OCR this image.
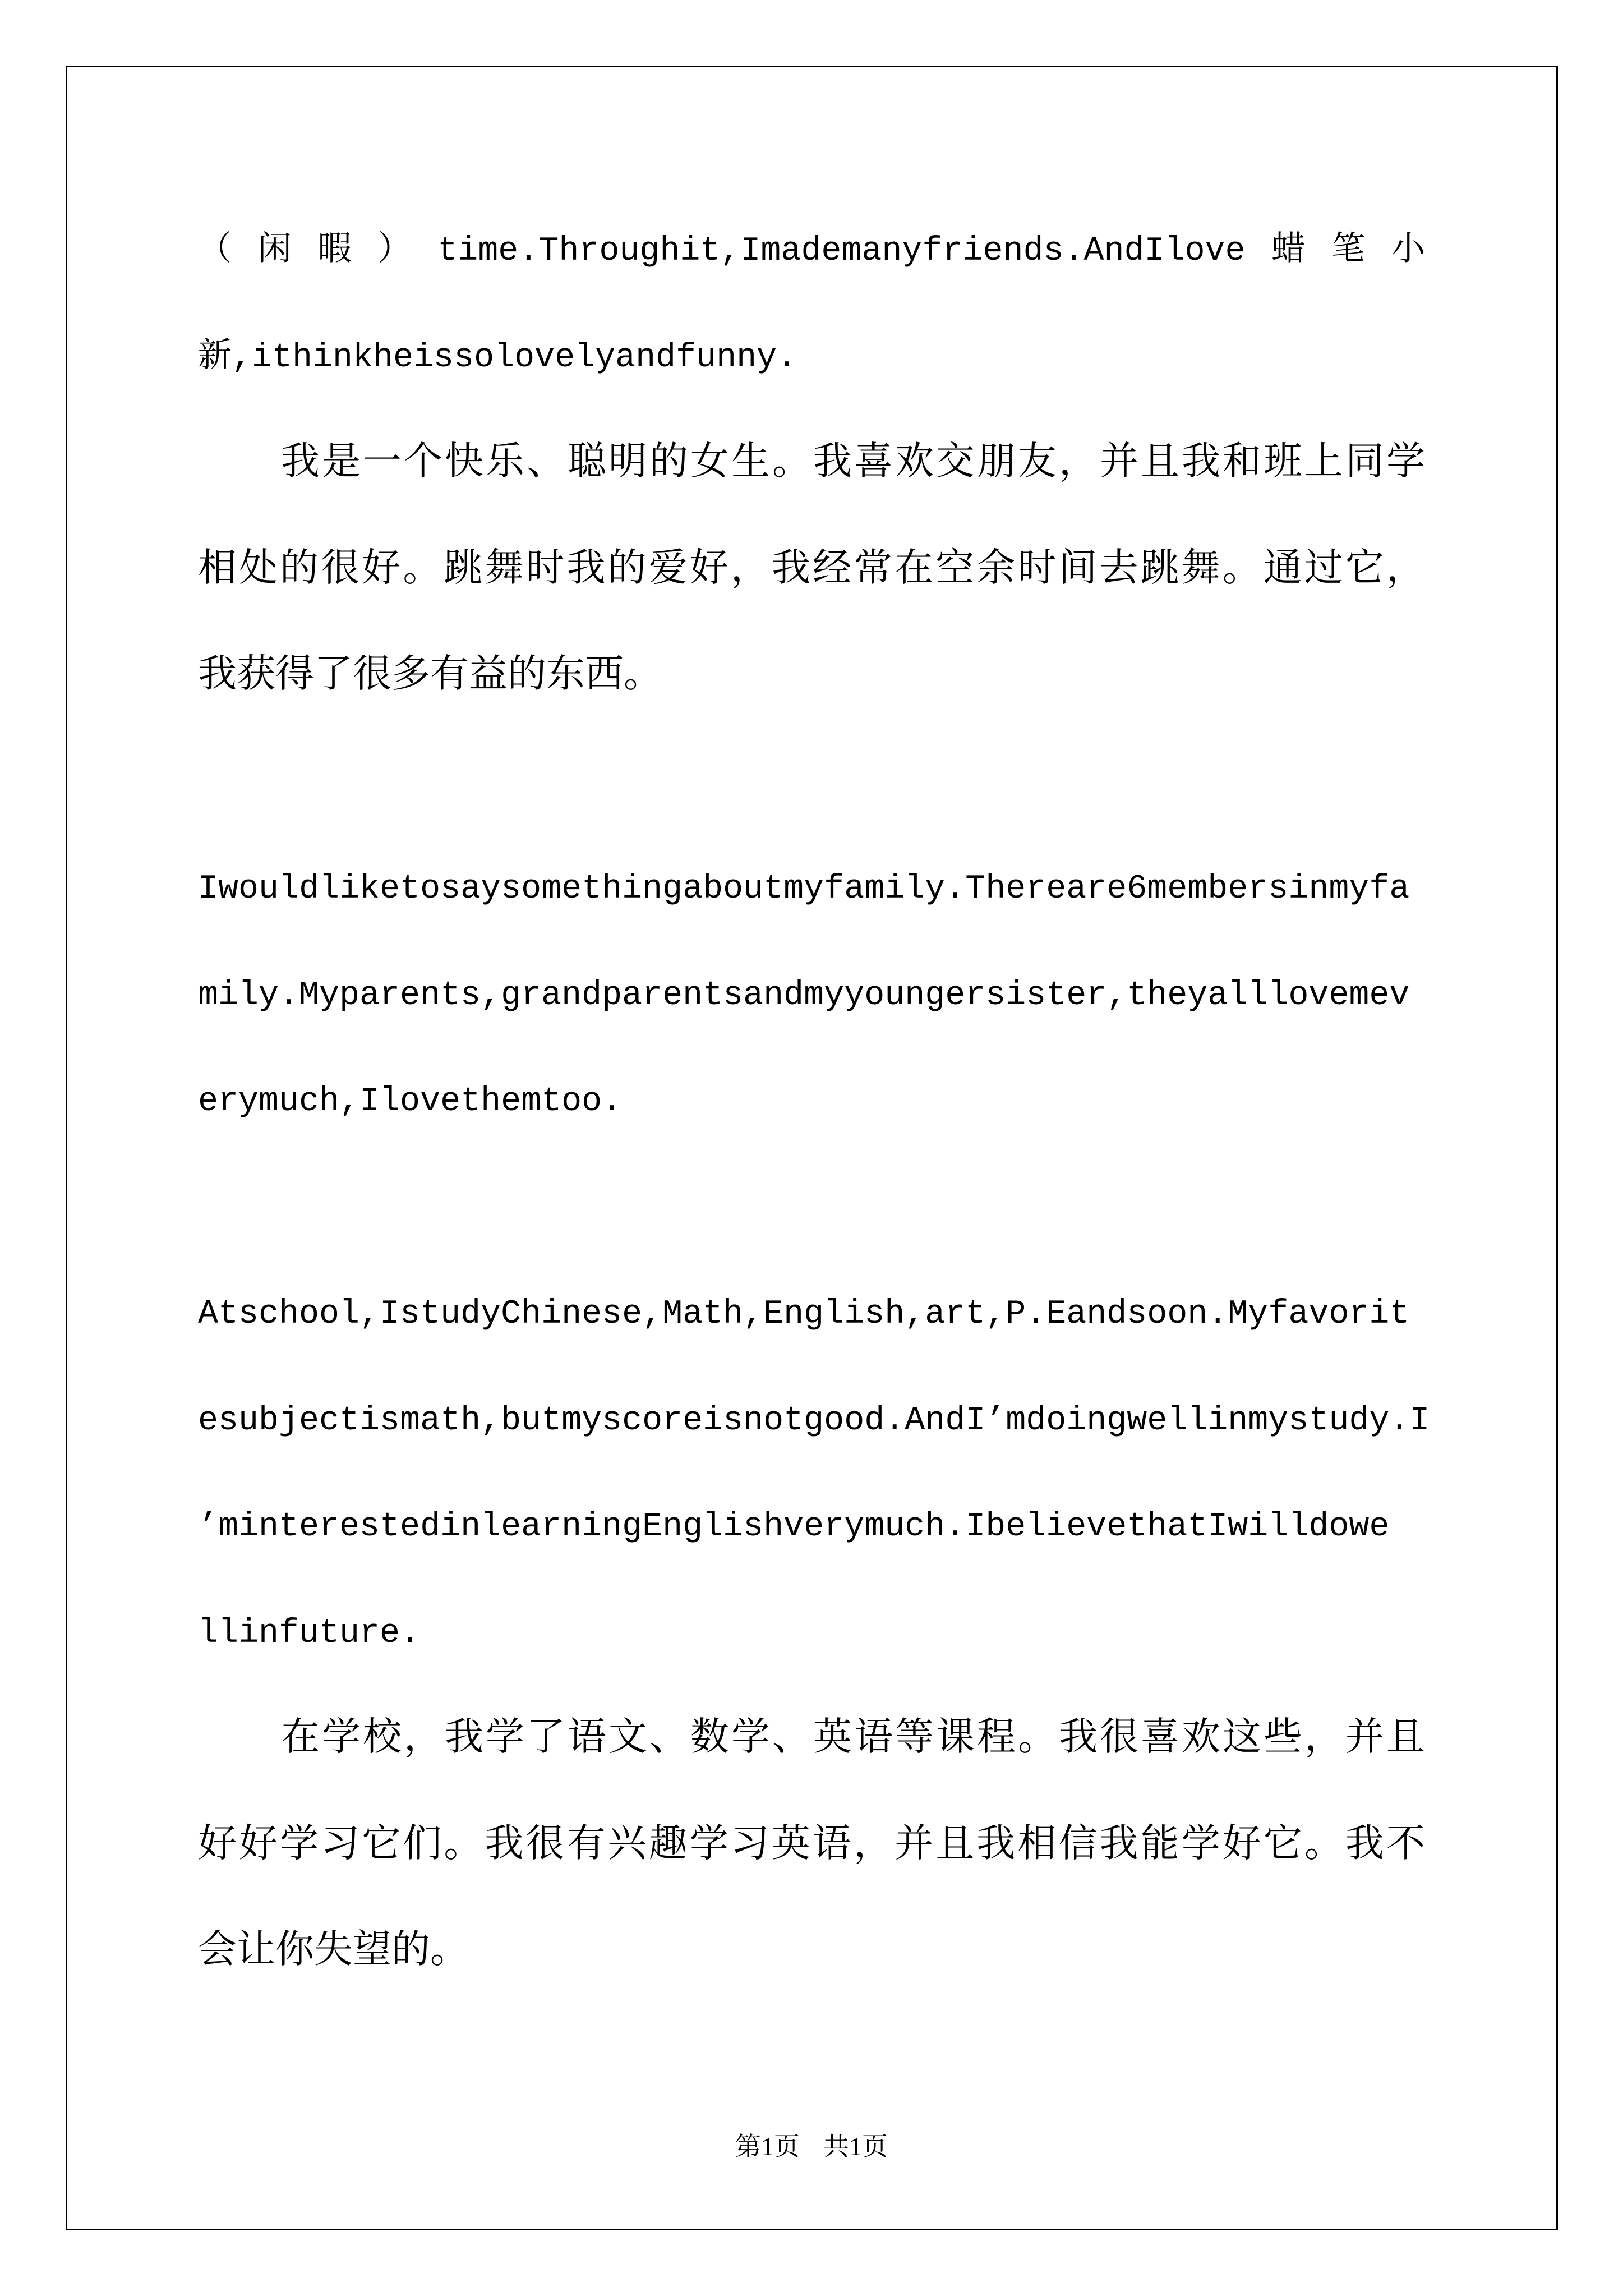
（闲暇）time.Throughit,Imademanyfriends.AndIlove蜡笔小
新,ithinkheissolovelyandfunny.
我是一个快乐、聪明的女生。我喜欢交朋友，并且我和班上同学
相处的很好。跳舞时我的爱好，我经常在空余时间去跳舞。通过它，
我获得了很多有益的东西。
Iwouldliketosaysomethingaboutmyfamily.Thereare6membersinmyfa
mily.Myparents,grandparentsandmyyoungersister,theyalllovemev
erymuch,Ilovethemtoo.
Atschool,IstudyChinese,Math,English,art,P.Eandsoon.Myfavorit
esubjectismath,butmyscoreisnotgood.AndI’mdoingwellinmystudy.I
’minterestedinlearningEnglishverymuch.IbelievethatIwilldowe
llinfuture.
在学校，我学了语文、数学、英语等课程。我很喜欢这些，并且
好好学习它们。我很有兴趣学习英语，并且我相信我能学好它。我不
会让你失望的。
第1页 共1页
